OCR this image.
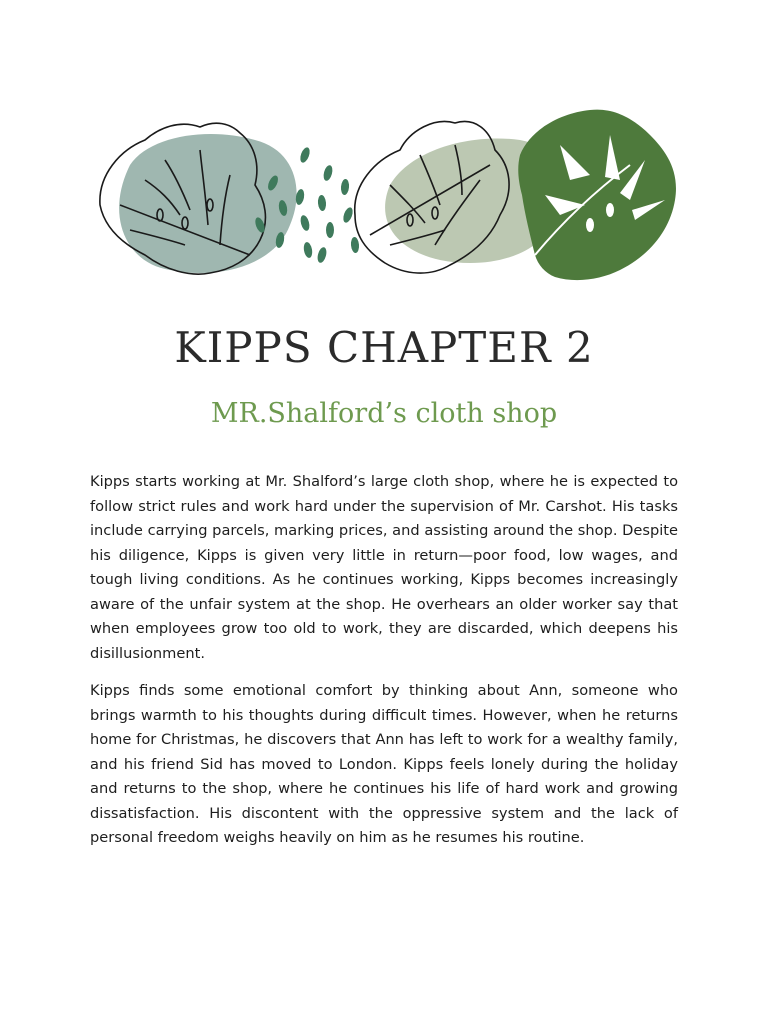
KIPPS CHAPTER 2
MR.Shalford’s cloth shop

Kipps starts working at Mr. Shalford’s large cloth shop, where he is expected to follow strict rules and work hard under the supervision of Mr. Carshot. His tasks include carrying parcels, marking prices, and assisting around the shop. Despite his diligence, Kipps is given very little in return—poor food, low wages, and tough living conditions. As he continues working, Kipps becomes increasingly aware of the unfair system at the shop. He overhears an older worker say that when employees grow too old to work, they are discarded, which deepens his disillusionment.

Kipps finds some emotional comfort by thinking about Ann, someone who brings warmth to his thoughts during difficult times. However, when he returns home for Christmas, he discovers that Ann has left to work for a wealthy family, and his friend Sid has moved to London. Kipps feels lonely during the holiday and returns to the shop, where he continues his life of hard work and growing dissatisfaction. His discontent with the oppressive system and the lack of personal freedom weighs heavily on him as he resumes his routine.
